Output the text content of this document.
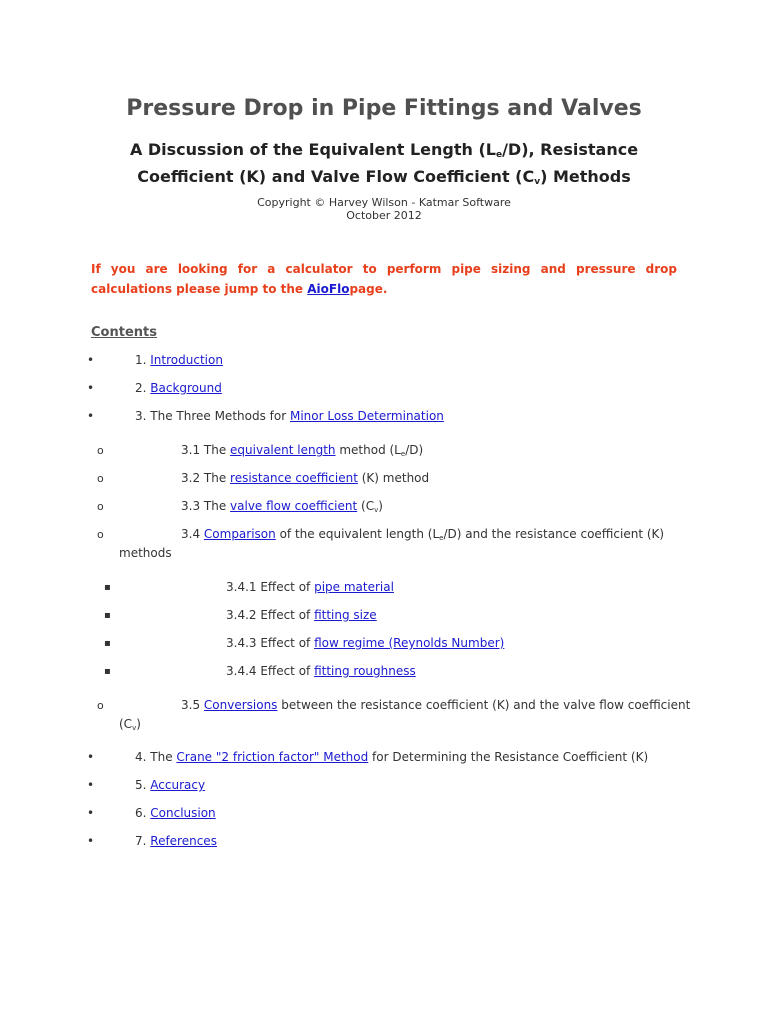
Pressure Drop in Pipe Fittings and Valves
A Discussion of the Equivalent Length $(L_e/D)$, Resistance Coefficient (K) and Valve Flow Coefficient $(C_v)$ Methods
Copyright © Harvey Wilson - Katmar Software
October 2012
If you are looking for a calculator to perform pipe sizing and pressure drop calculations please jump to the AioFlopage.
Contents
•	1. Introduction
•	2. Background
•	3. The Three Methods for Minor Loss Determination
o	3.1 The equivalent length method $(L_e/D)$
o	3.2 The resistance coefficient (K) method
o	3.3 The valve flow coefficient $(C_v)$
o	3.4 Comparison of the equivalent length $(L_e/D)$ and the resistance coefficient (K)
methods
▪	3.4.1 Effect of pipe material
▪	3.4.2 Effect of fitting size
▪	3.4.3 Effect of flow regime (Reynolds Number)
▪	3.4.4 Effect of fitting roughness
o	3.5 Conversions between the resistance coefficient (K) and the valve flow coefficient
$(C_v)$
•	4. The Crane "2 friction factor" Method for Determining the Resistance Coefficient (K)
•	5. Accuracy
•	6. Conclusion
•	7. References
